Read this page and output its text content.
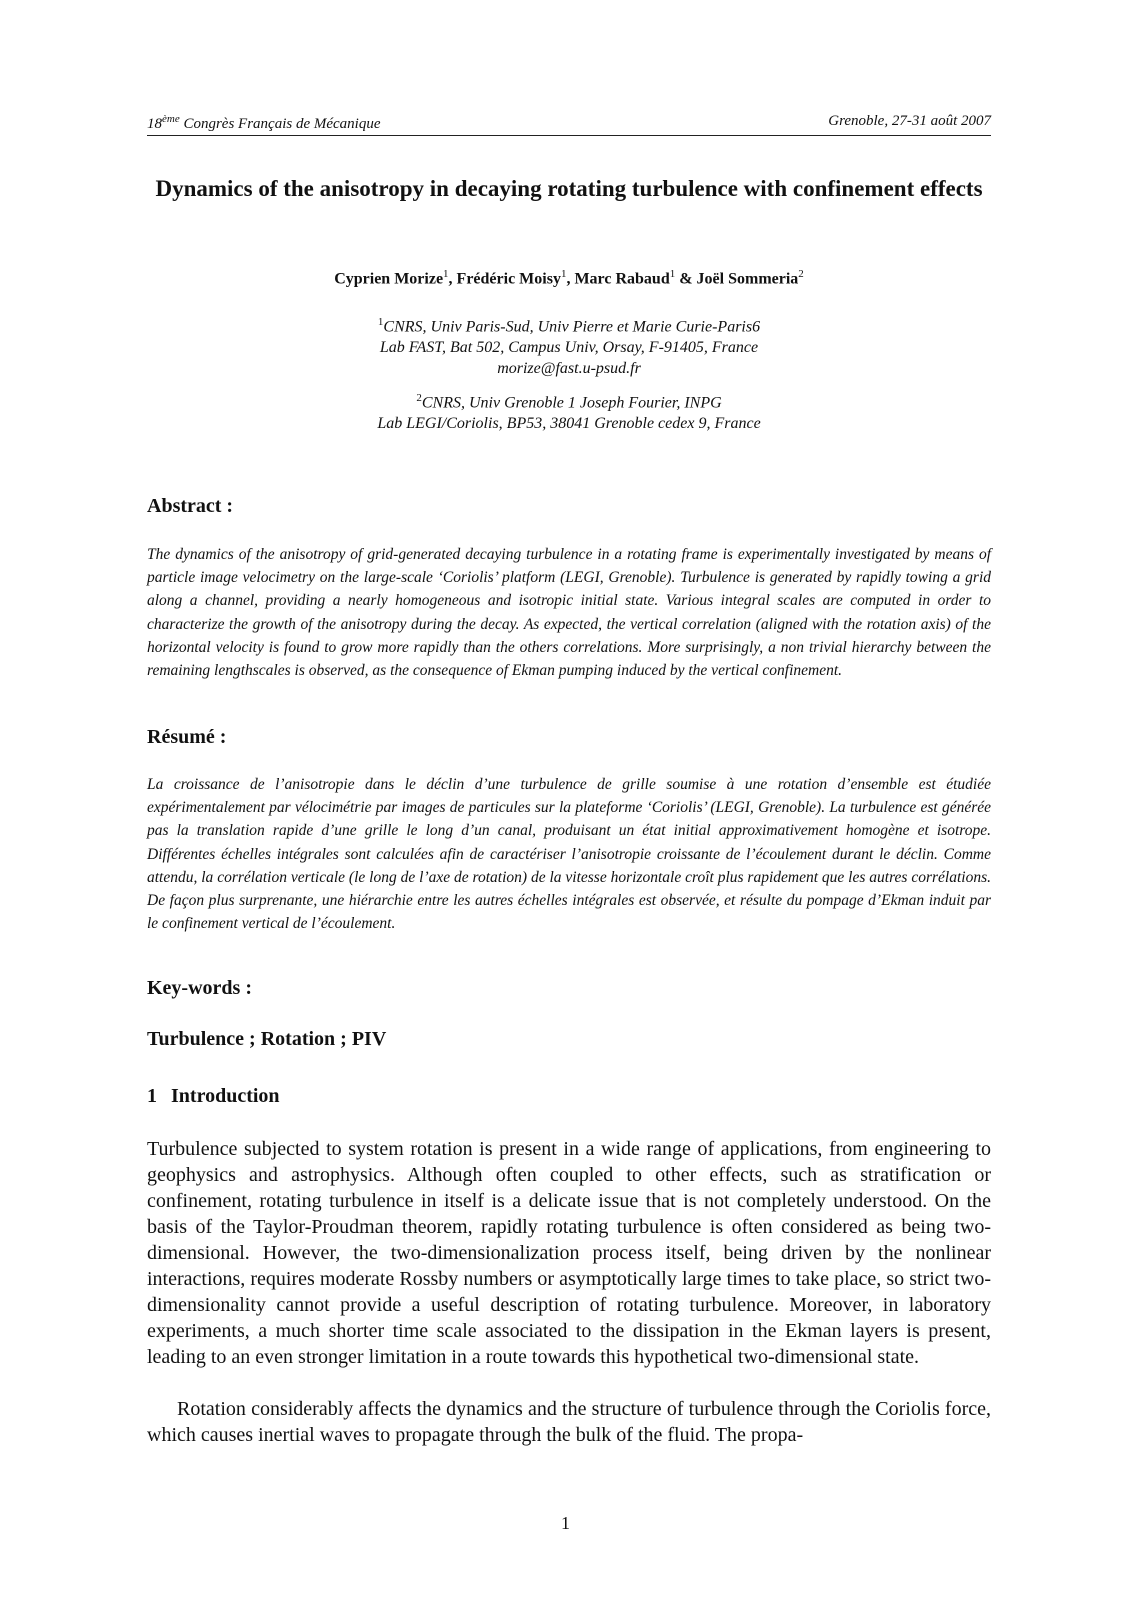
18ème Congrès Français de Mécanique	Grenoble, 27-31 août 2007
Dynamics of the anisotropy in decaying rotating turbulence with confinement effects
Cyprien Morize$^1$, Frédéric Moisy$^1$, Marc Rabaud$^1$ & Joël Sommeria$^2$
$^1$CNRS, Univ Paris-Sud, Univ Pierre et Marie Curie-Paris6
Lab FAST, Bat 502, Campus Univ, Orsay, F-91405, France
morize@fast.u-psud.fr
$^2$CNRS, Univ Grenoble 1 Joseph Fourier, INPG
Lab LEGI/Coriolis, BP53, 38041 Grenoble cedex 9, France
Abstract :

The dynamics of the anisotropy of grid-generated decaying turbulence in a rotating frame is experimentally investigated by means of particle image velocimetry on the large-scale ‘Coriolis’ platform (LEGI, Grenoble). Turbulence is generated by rapidly towing a grid along a channel, providing a nearly homogeneous and isotropic initial state. Various integral scales are computed in order to characterize the growth of the anisotropy during the decay. As expected, the vertical correlation (aligned with the rotation axis) of the horizontal velocity is found to grow more rapidly than the others correlations. More surprisingly, a non trivial hierarchy between the remaining lengthscales is observed, as the consequence of Ekman pumping induced by the vertical confinement.

Résumé :

La croissance de l’anisotropie dans le déclin d’une turbulence de grille soumise à une rotation d’ensemble est étudiée expérimentalement par vélocimétrie par images de particules sur la plateforme ‘Coriolis’ (LEGI, Grenoble). La turbulence est générée pas la translation rapide d’une grille le long d’un canal, produisant un état initial approximativement homogène et isotrope. Différentes échelles intégrales sont calculées afin de caractériser l’anisotropie croissante de l’écoulement durant le déclin. Comme attendu, la corrélation verticale (le long de l’axe de rotation) de la vitesse horizontale croît plus rapidement que les autres corrélations. De façon plus surprenante, une hiérarchie entre les autres échelles intégrales est observée, et résulte du pompage d’Ekman induit par le confinement vertical de l’écoulement.

Key-words :
Turbulence ; Rotation ; PIV
1 Introduction

Turbulence subjected to system rotation is present in a wide range of applications, from engineering to geophysics and astrophysics. Although often coupled to other effects, such as stratification or confinement, rotating turbulence in itself is a delicate issue that is not completely understood. On the basis of the Taylor-Proudman theorem, rapidly rotating turbulence is often considered as being two-dimensional. However, the two-dimensionalization process itself, being driven by the nonlinear interactions, requires moderate Rossby numbers or asymptotically large times to take place, so strict two-dimensionality cannot provide a useful description of rotating turbulence. Moreover, in laboratory experiments, a much shorter time scale associated to the dissipation in the Ekman layers is present, leading to an even stronger limitation in a route towards this hypothetical two-dimensional state.

Rotation considerably affects the dynamics and the structure of turbulence through the Coriolis force, which causes inertial waves to propagate through the bulk of the fluid. The propa-

1
